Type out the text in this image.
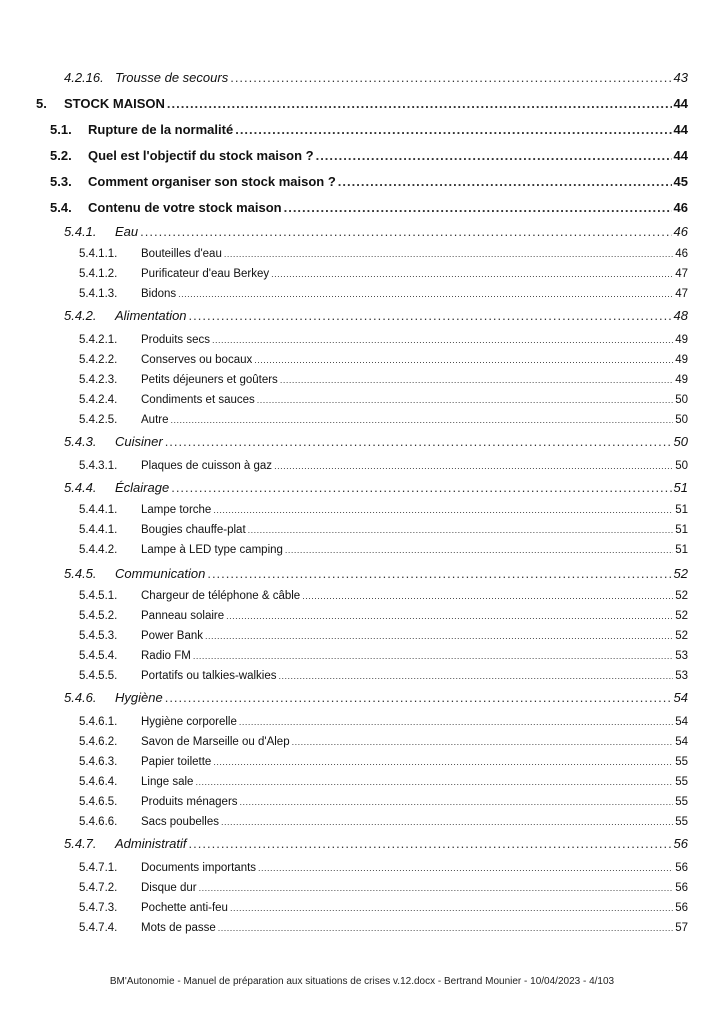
4.2.16. Trousse de secours .....	43
5.	STOCK MAISON .....	44
5.1.	Rupture de la normalité .....	44
5.2.	Quel est l'objectif du stock maison ? .....	44
5.3.	Comment organiser son stock maison ? .....	45
5.4.	Contenu de votre stock maison .....	46
5.4.1.	Eau .....	46
5.4.1.1.	Bouteilles d'eau .....	46
5.4.1.2.	Purificateur d'eau Berkey .....	47
5.4.1.3.	Bidons .....	47
5.4.2.	Alimentation .....	48
5.4.2.1.	Produits secs .....	49
5.4.2.2.	Conserves ou bocaux .....	49
5.4.2.3.	Petits déjeuners et goûters .....	49
5.4.2.4.	Condiments et sauces .....	50
5.4.2.5.	Autre .....	50
5.4.3.	Cuisiner .....	50
5.4.3.1.	Plaques de cuisson à gaz .....	50
5.4.4.	Éclairage .....	51
5.4.4.1.	Lampe torche .....	51
5.4.4.1.	Bougies chauffe-plat .....	51
5.4.4.2.	Lampe à LED type camping .....	51
5.4.5.	Communication .....	52
5.4.5.1.	Chargeur de téléphone & câble .....	52
5.4.5.2.	Panneau solaire .....	52
5.4.5.3.	Power Bank .....	52
5.4.5.4.	Radio FM .....	53
5.4.5.5.	Portatifs ou talkies-walkies .....	53
5.4.6.	Hygiène .....	54
5.4.6.1.	Hygiène corporelle .....	54
5.4.6.2.	Savon de Marseille ou d'Alep .....	54
5.4.6.3.	Papier toilette .....	55
5.4.6.4.	Linge sale .....	55
5.4.6.5.	Produits ménagers .....	55
5.4.6.6.	Sacs poubelles .....	55
5.4.7.	Administratif .....	56
5.4.7.1.	Documents importants .....	56
5.4.7.2.	Disque dur .....	56
5.4.7.3.	Pochette anti-feu .....	56
5.4.7.4.	Mots de passe .....	57
BM'Autonomie - Manuel de préparation aux situations de crises v.12.docx - Bertrand Mounier - 10/04/2023 - 4/103
